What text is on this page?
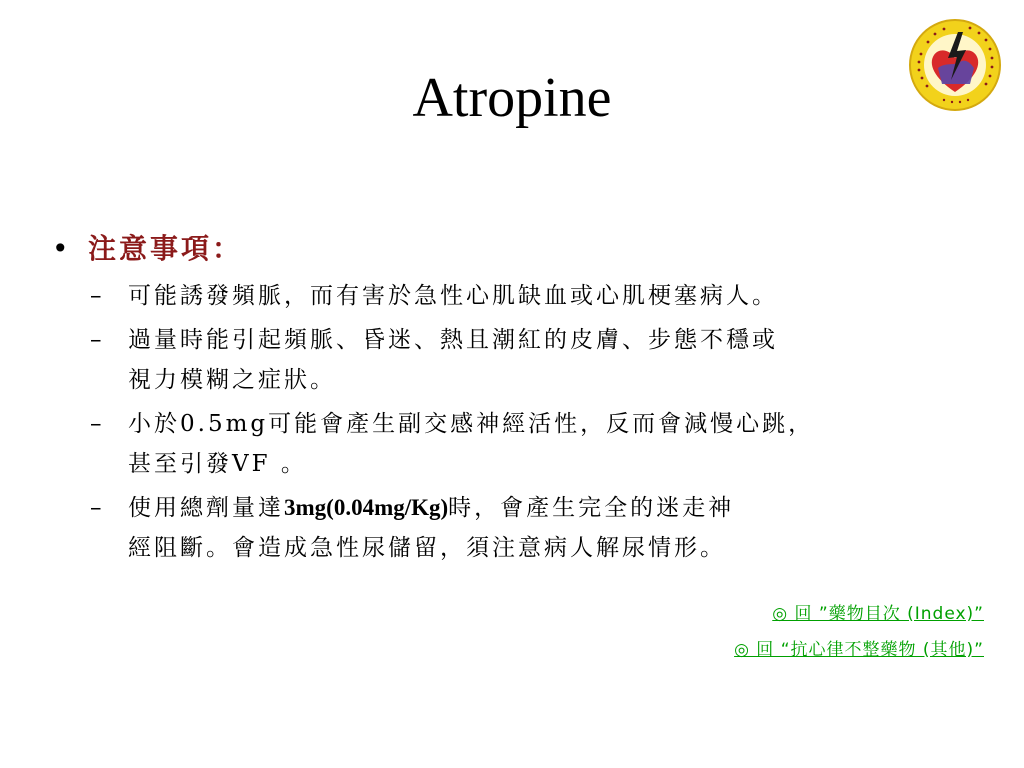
Atropine
• 注意事項：
– 可能誘發頻脈，而有害於急性心肌缺血或心肌梗塞病人。
– 過量時能引起頻脈、昏迷、熱且潮紅的皮膚、步態不穩或
視力模糊之症狀。
– 小於0.5mg可能會產生副交感神經活性，反而會減慢心跳，
甚至引發VF 。
– 使用總劑量達3mg(0.04mg/Kg)時，會產生完全的迷走神
經阻斷。會造成急性尿儲留，須注意病人解尿情形。
◎ 回 ”藥物目次 (Index)”
◎ 回 “抗心律不整藥物 (其他)”
